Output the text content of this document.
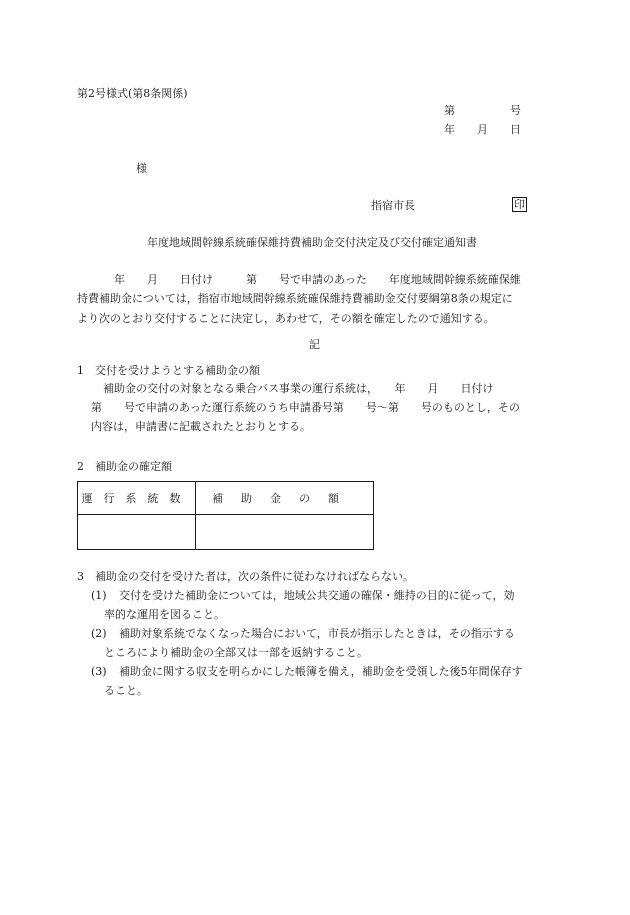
第2号様式(第8条関係)
第　　　　　号
年　　月　　日
様
指宿市長	印
年度地域間幹線系統確保維持費補助金交付決定及び交付確定通知書
年　　月　　日付け　　　第　　号で申請のあった　　年度地域間幹線系統確保維
持費補助金については，指宿市地域間幹線系統確保維持費補助金交付要綱第8条の規定に
より次のとおり交付することに決定し，あわせて，その額を確定したので通知する。
記
1　交付を受けようとする補助金の額
補助金の交付の対象となる乗合バス事業の運行系統は，　　年　　月　　日付け
第　　号で申請のあった運行系統のうち申請番号第　　号～第　　号のものとし，その
内容は，申請書に記載されたとおりとする。
2　補助金の確定額
運行系統数	補助金の額

3　補助金の交付を受けた者は，次の条件に従わなければならない。
(1) 交付を受けた補助金については，地域公共交通の確保・維持の目的に従って，効
率的な運用を図ること。
(2) 補助対象系統でなくなった場合において，市長が指示したときは，その指示する
ところにより補助金の全部又は一部を返納すること。
(3) 補助金に関する収支を明らかにした帳簿を備え，補助金を受領した後5年間保存す
ること。
